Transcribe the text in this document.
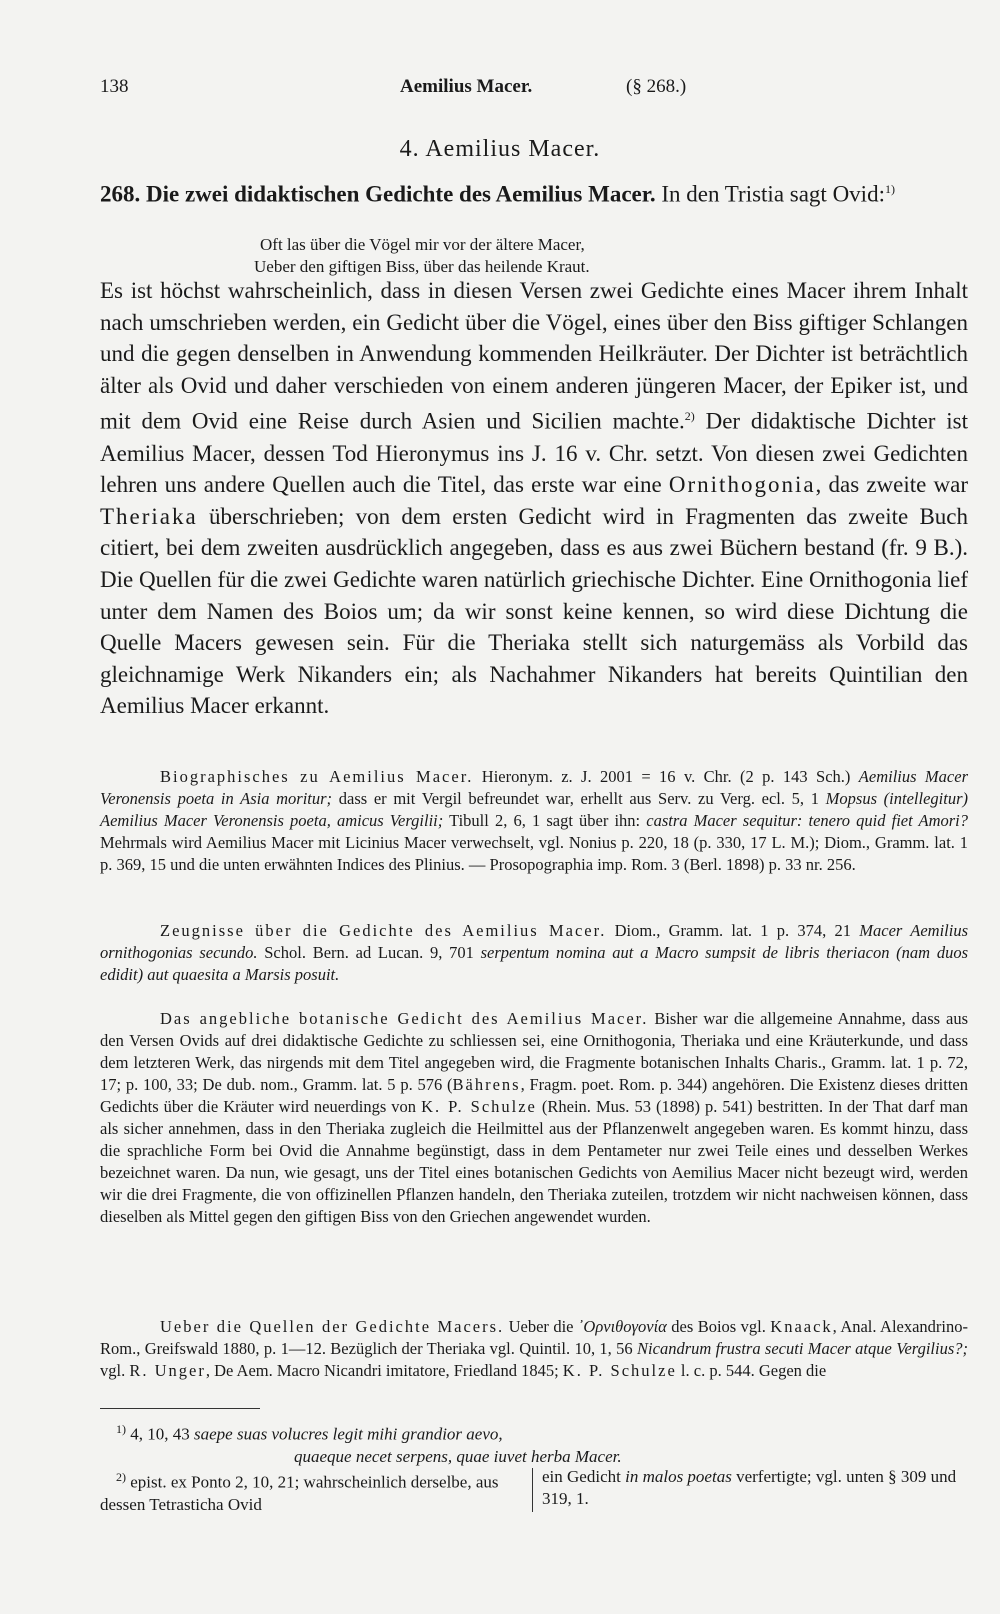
138	Aemilius Macer.	(§ 268.)
4. Aemilius Macer.
268. Die zwei didaktischen Gedichte des Aemilius Macer. In den Tristia sagt Ovid:$^{1)}$
Oft las über die Vögel mir vor der ältere Macer,
Ueber den giftigen Biss, über das heilende Kraut.
Es ist höchst wahrscheinlich, dass in diesen Versen zwei Gedichte eines Macer ihrem Inhalt nach umschrieben werden, ein Gedicht über die Vögel, eines über den Biss giftiger Schlangen und die gegen denselben in Anwendung kommenden Heilkräuter. Der Dichter ist beträchtlich älter als Ovid und daher verschieden von einem anderen jüngeren Macer, der Epiker ist, und mit dem Ovid eine Reise durch Asien und Sicilien machte.$^{2)}$ Der didaktische Dichter ist Aemilius Macer, dessen Tod Hieronymus ins J. 16 v. Chr. setzt. Von diesen zwei Gedichten lehren uns andere Quellen auch die Titel, das erste war eine Ornithogonia, das zweite war Theriaka überschrieben; von dem ersten Gedicht wird in Fragmenten das zweite Buch citiert, bei dem zweiten ausdrücklich angegeben, dass es aus zwei Büchern bestand (fr. 9 B.). Die Quellen für die zwei Gedichte waren natürlich griechische Dichter. Eine Ornithogonia lief unter dem Namen des Boios um; da wir sonst keine kennen, so wird diese Dichtung die Quelle Macers gewesen sein. Für die Theriaka stellt sich naturgemäss als Vorbild das gleichnamige Werk Nikanders ein; als Nachahmer Nikanders hat bereits Quintilian den Aemilius Macer erkannt.
Biographisches zu Aemilius Macer. Hieronym. z. J. 2001 = 16 v. Chr. (2 p. 143 Sch.) Aemilius Macer Veronensis poeta in Asia moritur; dass er mit Vergil befreundet war, erhellt aus Serv. zu Verg. ecl. 5, 1 Mopsus (intellegitur) Aemilius Macer Veronensis poeta, amicus Vergilii; Tibull 2, 6, 1 sagt über ihn: castra Macer sequitur: tenero quid fiet Amori? Mehrmals wird Aemilius Macer mit Licinius Macer verwechselt, vgl. Nonius p. 220, 18 (p. 330, 17 L. M.); Diom., Gramm. lat. 1 p. 369, 15 und die unten erwähnten Indices des Plinius. — Prosopographia imp. Rom. 3 (Berl. 1898) p. 33 nr. 256.
Zeugnisse über die Gedichte des Aemilius Macer. Diom., Gramm. lat. 1 p. 374, 21 Macer Aemilius ornithogonias secundo. Schol. Bern. ad Lucan. 9, 701 serpentum nomina aut a Macro sumpsit de libris theriacon (nam duos edidit) aut quaesita a Marsis posuit.
Das angebliche botanische Gedicht des Aemilius Macer. Bisher war die allgemeine Annahme, dass aus den Versen Ovids auf drei didaktische Gedichte zu schliessen sei, eine Ornithogonia, Theriaka und eine Kräuterkunde, und dass dem letzteren Werk, das nirgends mit dem Titel angegeben wird, die Fragmente botanischen Inhalts Charis., Gramm. lat. 1 p. 72, 17; p. 100, 33; De dub. nom., Gramm. lat. 5 p. 576 (Bährens, Fragm. poet. Rom. p. 344) angehören. Die Existenz dieses dritten Gedichts über die Kräuter wird neuerdings von K. P. Schulze (Rhein. Mus. 53 (1898) p. 541) bestritten. In der That darf man als sicher annehmen, dass in den Theriaka zugleich die Heilmittel aus der Pflanzenwelt angegeben waren. Es kommt hinzu, dass die sprachliche Form bei Ovid die Annahme begünstigt, dass in dem Pentameter nur zwei Teile eines und desselben Werkes bezeichnet waren. Da nun, wie gesagt, uns der Titel eines botanischen Gedichts von Aemilius Macer nicht bezeugt wird, werden wir die drei Fragmente, die von offizinellen Pflanzen handeln, den Theriaka zuteilen, trotzdem wir nicht nachweisen können, dass dieselben als Mittel gegen den giftigen Biss von den Griechen angewendet wurden.
Ueber die Quellen der Gedichte Macers. Ueber die ᾿Ορνιθογονία des Boios vgl. Knaack, Anal. Alexandrino-Rom., Greifswald 1880, p. 1—12. Bezüglich der Theriaka vgl. Quintil. 10, 1, 56 Nicandrum frustra secuti Macer atque Vergilius?; vgl. R. Unger, De Aem. Macro Nicandri imitatore, Friedland 1845; K. P. Schulze l. c. p. 544. Gegen die
$^{1)}$ 4, 10, 43 saepe suas volucres legit mihi grandior aevo,
quaeque necet serpens, quae iuvet herba Macer.
$^{2)}$ epist. ex Ponto 2, 10, 21; wahrscheinlich derselbe, aus dessen Tetrasticha Ovid
ein Gedicht in malos poetas verfertigte; vgl. unten § 309 und 319, 1.
